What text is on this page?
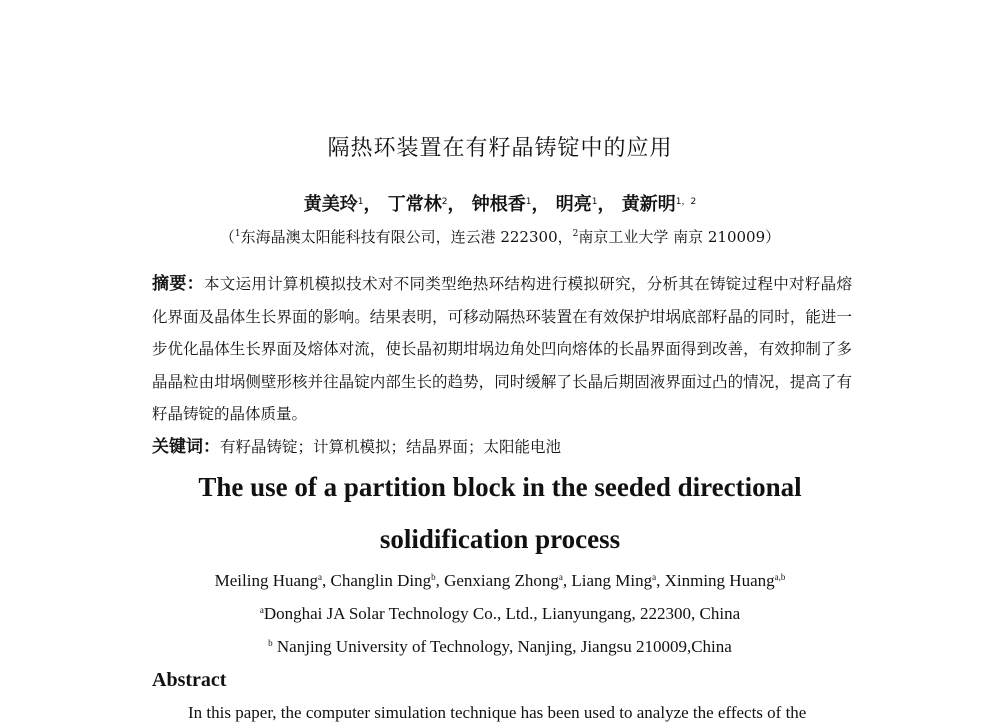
隔热环装置在有籽晶铸锭中的应用
黄美玲$^1$， 丁常林$^2$， 钟根香$^1$， 明亮$^1$， 黄新明$^{1,2}$
（$^1$东海晶澳太阳能科技有限公司，连云港 222300，$^2$南京工业大学 南京 210009）
摘要：本文运用计算机模拟技术对不同类型绝热环结构进行模拟研究，分析其在铸锭过程中对籽晶熔化界面及晶体生长界面的影响。结果表明，可移动隔热环装置在有效保护坩埚底部籽晶的同时，能进一步优化晶体生长界面及熔体对流，使长晶初期坩埚边角处凹向熔体的长晶界面得到改善，有效抑制了多晶晶粒由坩埚侧壁形核并往晶锭内部生长的趋势，同时缓解了长晶后期固液界面过凸的情况，提高了有籽晶铸锭的晶体质量。
关键词：有籽晶铸锭；计算机模拟；结晶界面；太阳能电池
The use of a partition block in the seeded directional
solidification process
Meiling Huang$^a$, Changlin Ding$^b$, Genxiang Zhong$^a$, Liang Ming$^a$, Xinming Huang$^{a,b}$
$^a$Donghai JA Solar Technology Co., Ltd., Lianyungang, 222300, China
$^b$ Nanjing University of Technology, Nanjing, Jiangsu 210009,China
Abstract
In this paper, the computer simulation technique has been used to analyze the effects of the
